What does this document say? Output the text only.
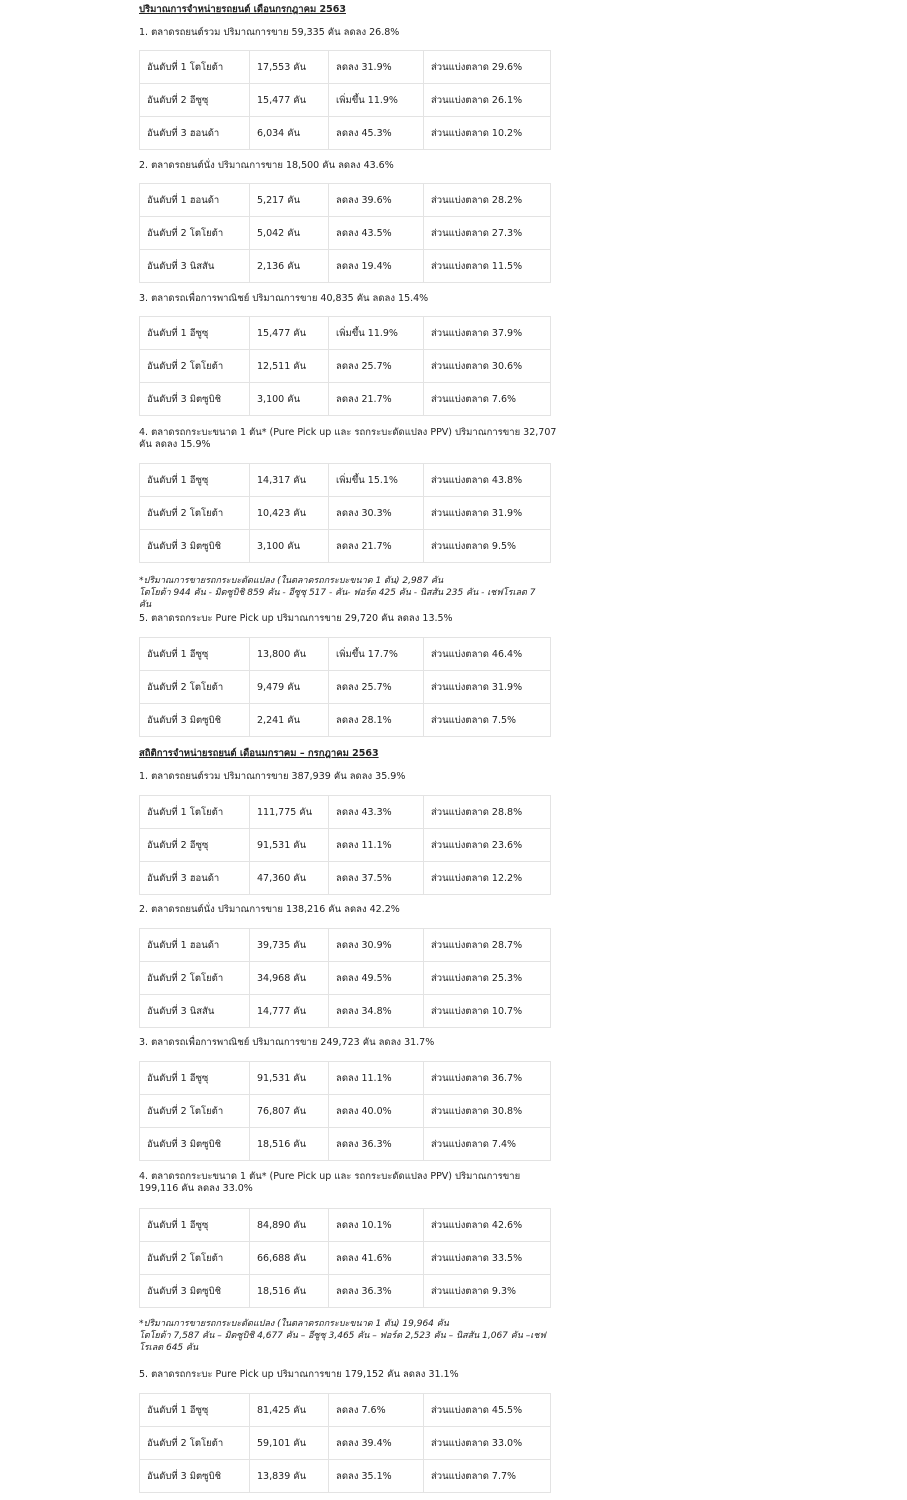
ปริมาณการจำหน่ายรถยนต์ เดือนกรกฎาคม 2563
1. ตลาดรถยนต์รวม ปริมาณการขาย 59,335 คัน ลดลง 26.8%
อันดับที่ 1 โตโยต้า	17,553 คัน	ลดลง 31.9%	ส่วนแบ่งตลาด 29.6%
อันดับที่ 2 อีซูซุ	15,477 คัน	เพิ่มขึ้น 11.9%	ส่วนแบ่งตลาด 26.1%
อันดับที่ 3 ฮอนด้า	6,034 คัน	ลดลง 45.3%	ส่วนแบ่งตลาด 10.2%
2. ตลาดรถยนต์นั่ง ปริมาณการขาย 18,500 คัน ลดลง 43.6%
อันดับที่ 1 ฮอนด้า	5,217 คัน	ลดลง 39.6%	ส่วนแบ่งตลาด 28.2%
อันดับที่ 2 โตโยต้า	5,042 คัน	ลดลง 43.5%	ส่วนแบ่งตลาด 27.3%
อันดับที่ 3 นิสสัน	2,136 คัน	ลดลง 19.4%	ส่วนแบ่งตลาด 11.5%
3. ตลาดรถเพื่อการพาณิชย์ ปริมาณการขาย 40,835 คัน ลดลง 15.4%
อันดับที่ 1 อีซูซุ	15,477 คัน	เพิ่มขึ้น 11.9%	ส่วนแบ่งตลาด 37.9%
อันดับที่ 2 โตโยต้า	12,511 คัน	ลดลง 25.7%	ส่วนแบ่งตลาด 30.6%
อันดับที่ 3 มิตซูบิชิ	3,100 คัน	ลดลง 21.7%	ส่วนแบ่งตลาด 7.6%
4. ตลาดรถกระบะขนาด 1 ตัน* (Pure Pick up และ รถกระบะดัดแปลง PPV) ปริมาณการขาย 32,707 คัน ลดลง 15.9%
อันดับที่ 1 อีซูซุ	14,317 คัน	เพิ่มขึ้น 15.1%	ส่วนแบ่งตลาด 43.8%
อันดับที่ 2 โตโยต้า	10,423 คัน	ลดลง 30.3%	ส่วนแบ่งตลาด 31.9%
อันดับที่ 3 มิตซูบิชิ	3,100 คัน	ลดลง 21.7%	ส่วนแบ่งตลาด 9.5%
*ปริมาณการขายรถกระบะดัดแปลง (ในตลาดรถกระบะขนาด 1 ตัน) 2,987 คัน
โตโยต้า 944 คัน - มิตซูบิชิ 859 คัน - อีซูซุ 517 - คัน- ฟอร์ด 425 คัน - นิสสัน 235 คัน - เชฟโรเลต 7 คัน
5. ตลาดรถกระบะ Pure Pick up ปริมาณการขาย 29,720 คัน ลดลง 13.5%
อันดับที่ 1 อีซูซุ	13,800 คัน	เพิ่มขึ้น 17.7%	ส่วนแบ่งตลาด 46.4%
อันดับที่ 2 โตโยต้า	9,479 คัน	ลดลง 25.7%	ส่วนแบ่งตลาด 31.9%
อันดับที่ 3 มิตซูบิชิ	2,241 คัน	ลดลง 28.1%	ส่วนแบ่งตลาด 7.5%
สถิติการจำหน่ายรถยนต์ เดือนมกราคม – กรกฎาคม 2563
1. ตลาดรถยนต์รวม ปริมาณการขาย 387,939 คัน ลดลง 35.9%
อันดับที่ 1 โตโยต้า	111,775 คัน	ลดลง 43.3%	ส่วนแบ่งตลาด 28.8%
อันดับที่ 2 อีซูซุ	91,531 คัน	ลดลง 11.1%	ส่วนแบ่งตลาด 23.6%
อันดับที่ 3 ฮอนด้า	47,360 คัน	ลดลง 37.5%	ส่วนแบ่งตลาด 12.2%
2. ตลาดรถยนต์นั่ง ปริมาณการขาย 138,216 คัน ลดลง 42.2%
อันดับที่ 1 ฮอนด้า	39,735 คัน	ลดลง 30.9%	ส่วนแบ่งตลาด 28.7%
อันดับที่ 2 โตโยต้า	34,968 คัน	ลดลง 49.5%	ส่วนแบ่งตลาด 25.3%
อันดับที่ 3 นิสสัน	14,777 คัน	ลดลง 34.8%	ส่วนแบ่งตลาด 10.7%
3. ตลาดรถเพื่อการพาณิชย์ ปริมาณการขาย 249,723 คัน ลดลง 31.7%
อันดับที่ 1 อีซูซุ	91,531 คัน	ลดลง 11.1%	ส่วนแบ่งตลาด 36.7%
อันดับที่ 2 โตโยต้า	76,807 คัน	ลดลง 40.0%	ส่วนแบ่งตลาด 30.8%
อันดับที่ 3 มิตซูบิชิ	18,516 คัน	ลดลง 36.3%	ส่วนแบ่งตลาด 7.4%
4. ตลาดรถกระบะขนาด 1 ตัน* (Pure Pick up และ รถกระบะดัดแปลง PPV) ปริมาณการขาย 199,116 คัน ลดลง 33.0%
อันดับที่ 1 อีซูซุ	84,890 คัน	ลดลง 10.1%	ส่วนแบ่งตลาด 42.6%
อันดับที่ 2 โตโยต้า	66,688 คัน	ลดลง 41.6%	ส่วนแบ่งตลาด 33.5%
อันดับที่ 3 มิตซูบิชิ	18,516 คัน	ลดลง 36.3%	ส่วนแบ่งตลาด 9.3%
*ปริมาณการขายรถกระบะดัดแปลง (ในตลาดรถกระบะขนาด 1 ตัน) 19,964 คัน
โตโยต้า 7,587 คัน – มิตซูบิชิ 4,677 คัน – อีซูซุ 3,465 คัน – ฟอร์ด 2,523 คัน – นิสสัน 1,067 คัน –เชฟโรเลต 645 คัน
5. ตลาดรถกระบะ Pure Pick up ปริมาณการขาย 179,152 คัน ลดลง 31.1%
อันดับที่ 1 อีซูซุ	81,425 คัน	ลดลง 7.6%	ส่วนแบ่งตลาด 45.5%
อันดับที่ 2 โตโยต้า	59,101 คัน	ลดลง 39.4%	ส่วนแบ่งตลาด 33.0%
อันดับที่ 3 มิตซูบิชิ	13,839 คัน	ลดลง 35.1%	ส่วนแบ่งตลาด 7.7%
